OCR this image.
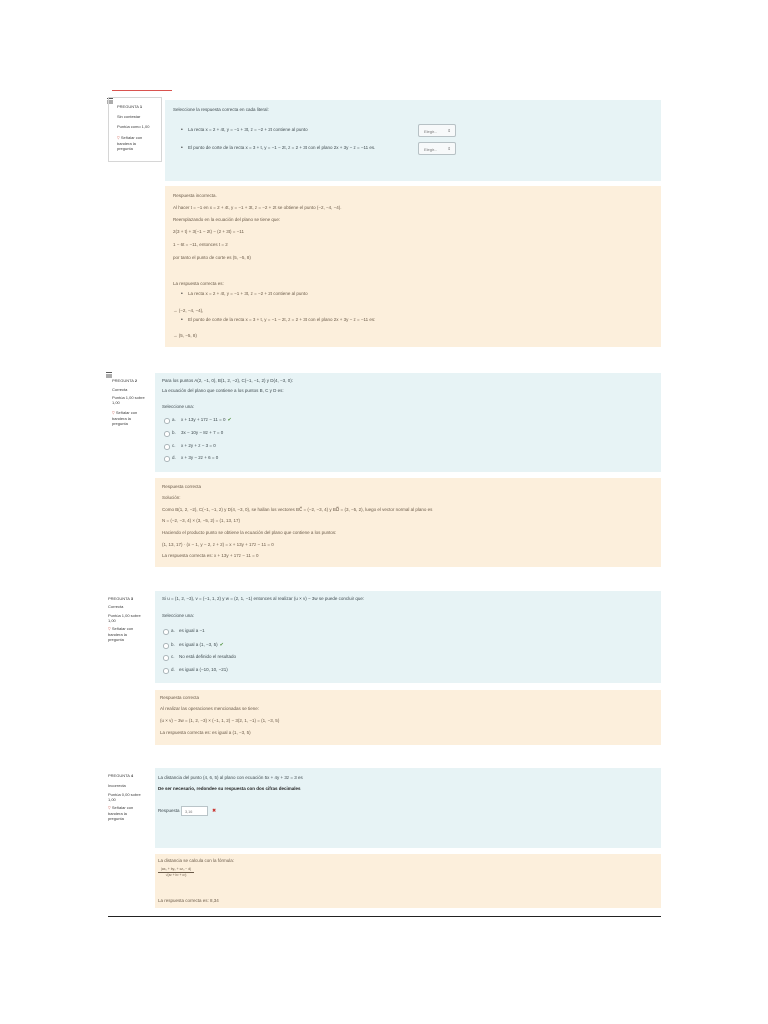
PREGUNTA 1
Sin contestar
Puntúa como 1,00
▽ Señalar con bandera la pregunta
Seleccione la respuesta correcta en cada literal:
• La recta x = 2 + 4t, y = −1 + 3t, z = −2 + 2t contiene al punto	Elegir... ⇕
• El punto de corte de la recta x = 3 + t, y = −1 − 2t, z = 2 + 3t con el plano 2x + 3y − z = −11 es.	Elegir... ⇕
Respuesta incorrecta.
Al hacer t = −1 en x = 2 + 4t, y = −1 + 3t, z = −2 + 2t se obtiene el punto (−2, −4, −4).
Reemplazando en la ecuación del plano se tiene que:
2(3 + t) + 3(−1 − 2t) − (2 + 3t) = −11
1 − 6t = −11, entonces t = 2
por tanto el punto de corte es (5, −5, 8)
La respuesta correcta es:
• La recta x = 2 + 4t, y = −1 + 3t, z = −2 + 2t contiene al punto
→ (−2, −4, −4),
• El punto de corte de la recta x = 3 + t, y = −1 − 2t, z = 2 + 3t con el plano 2x + 3y − z = −11 es:
→ (5, −5, 8)
PREGUNTA 2
Correcta
Puntúa 1,00 sobre 1,00
▽ Señalar con bandera la pregunta
Para los puntos A(2, −1, 0), B(1, 2, −2), C(−1, −1, 2) y D(4, −3, 0):
La ecuación del plano que contiene a los puntos B, C y D es:
Seleccione una:
a. x + 13y + 17z − 11 = 0 ✔
b. 3x − 10y − 8z + 7 = 0
c. x + 2y + z − 3 = 0
d. x + 3y − 2z + 6 = 0
Respuesta correcta
Solución:
Como B(1, 2, −2), C(−1, −1, 2) y D(4, −3, 0), se hallan los vectores BC⃗ = (−2, −3, 4) y BD⃗ = (3, −5, 2), luego el vector normal al plano es
N = (−2, −3, 4) × (3, −5, 2) = (1, 13, 17)
Haciendo el producto punto se obtiene la ecuación del plano que contiene a los puntos:
(1, 13, 17) · (x − 1, y − 2, z + 2) = x + 13y + 17z − 11 = 0
La respuesta correcta es: x + 13y + 17z − 11 = 0
PREGUNTA 3
Correcta
Puntúa 1,00 sobre 1,00
▽ Señalar con bandera la pregunta
Si u = (1, 2, −3), v = (−1, 1, 2) y w = (2, 1, −1) entonces al realizar (u × v) − 3w se puede concluir que:
Seleccione una:
a. es igual a −1
b. es igual a (1, −3, 5) ✔
c. No está definido el resultado
d. es igual a (−10, 10, −21)
Respuesta correcta
Al realizar las operaciones mencionadas se tiene:
(u × v) − 3w = (1, 2, −3) × (−1, 1, 2) − 3(2, 1, −1) = (1, −3, 5)
La respuesta correcta es: es igual a (1, −3, 5)
PREGUNTA 4
Incorrecta
Puntúa 0,00 sobre 1,00
▽ Señalar con bandera la pregunta
La distancia del punto (4, 6, 5) al plano con ecuación 5x + 4y + 3z = 3 es
De ser necesario, redondee su respuesta con dos cifras decimales
Respuesta 3,16	✖
La distancia se calcula con la fórmula:
|ax₀ + by₀ + cz₀ − d|
√(a² + b² + c²)
La respuesta correcta es: 8,34
